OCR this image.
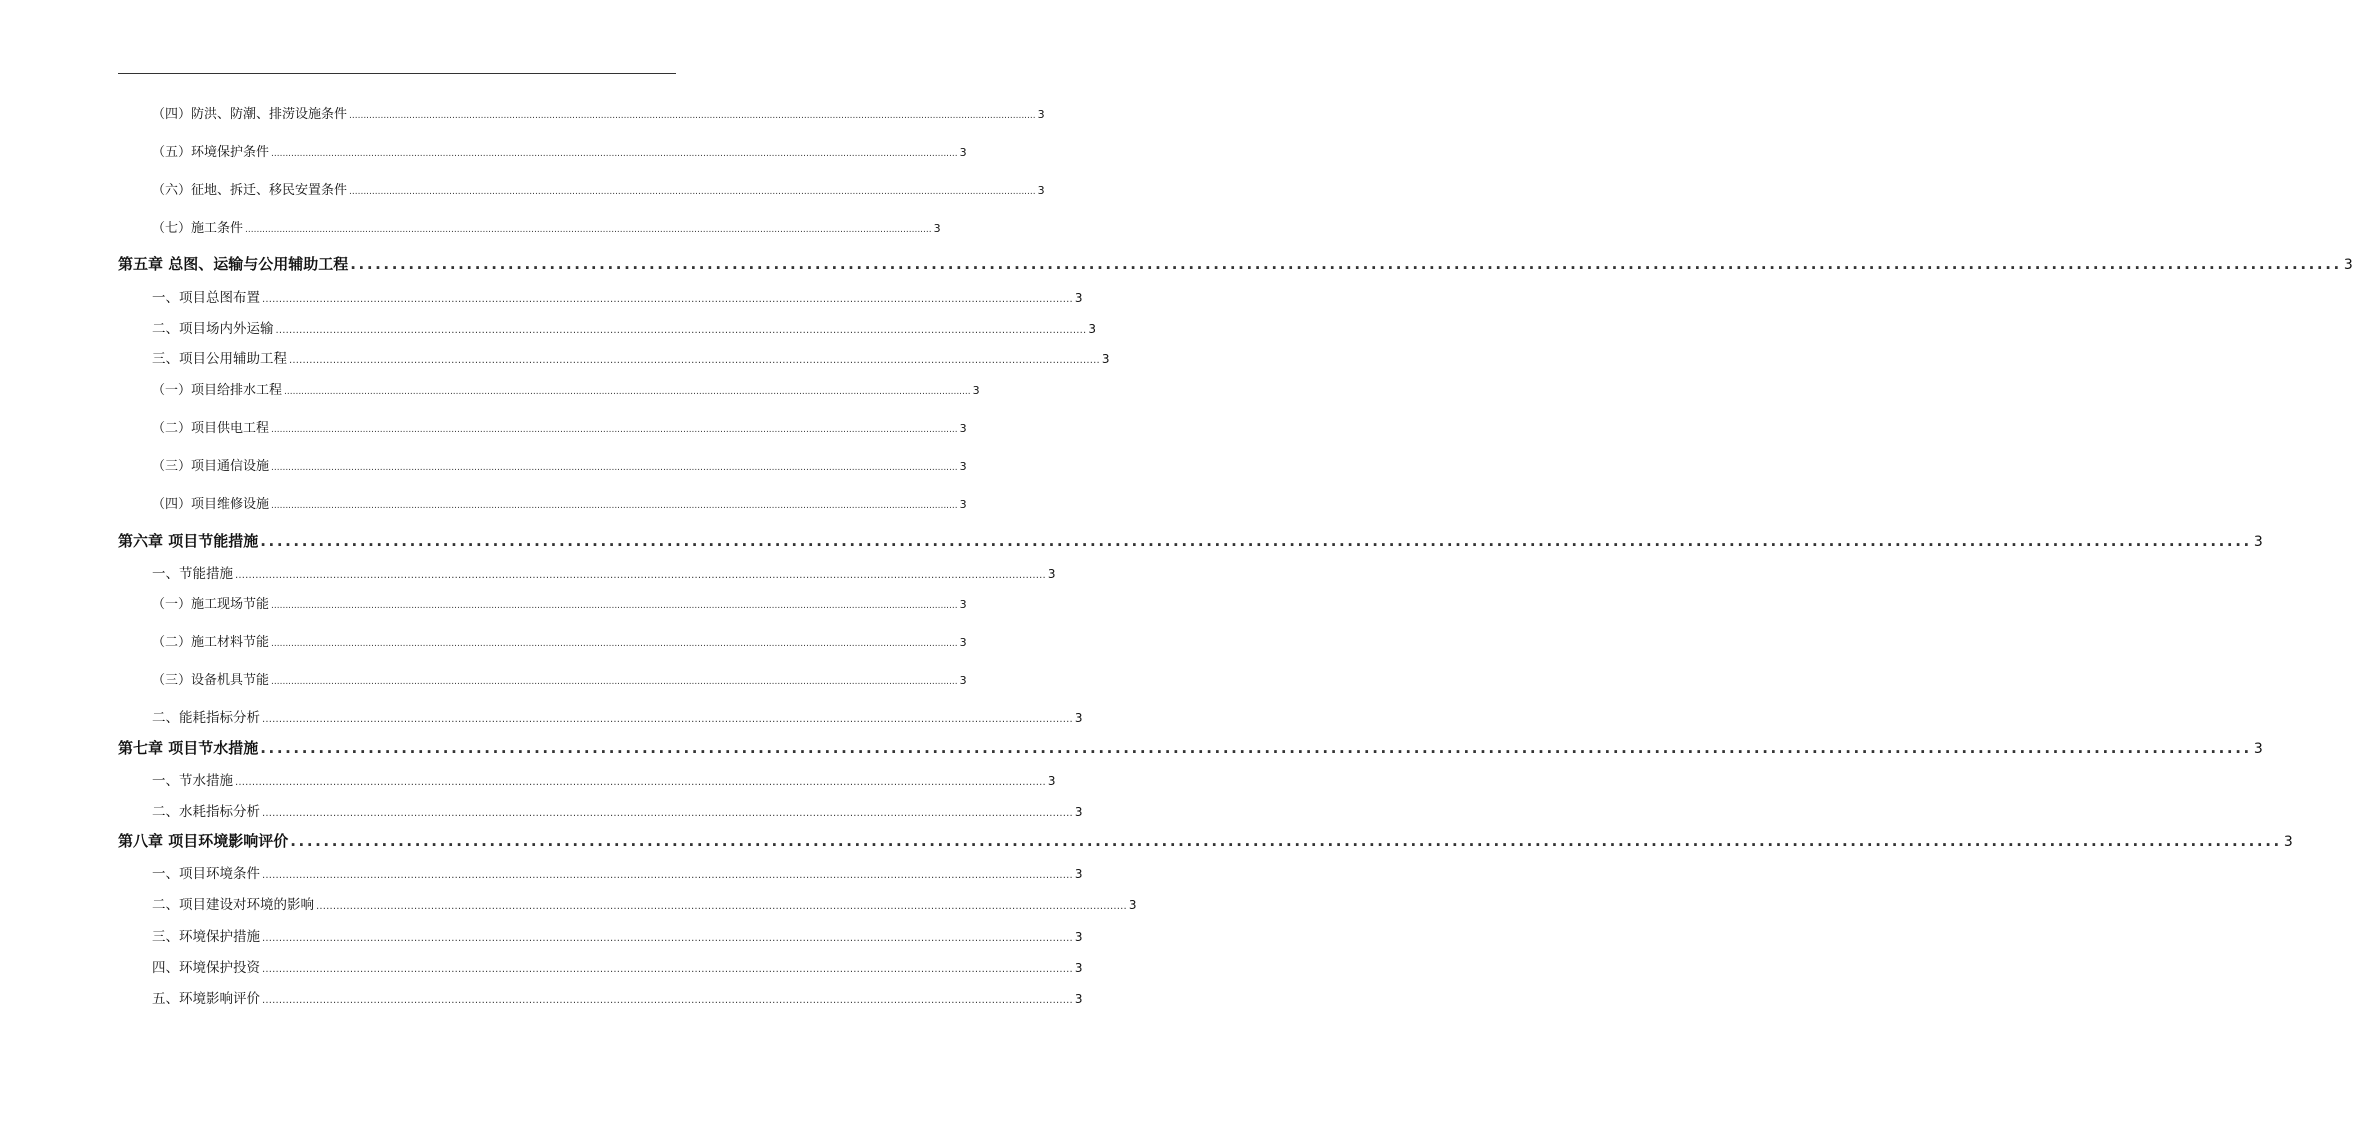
（四）防洪、防潮、排涝设施条件 ................................................................................................................................................................................................................................................ 3
（五）环境保护条件 ................................................................................................................................................................................................................................................ 3
（六）征地、拆迁、移民安置条件 ................................................................................................................................................................................................................................................ 3
（七）施工条件 ................................................................................................................................................................................................................................................ 3
第五章 总图、运输与公用辅助工程 ................................................................................................................................................................................................................................................ 3
一、项目总图布置 ................................................................................................................................................................................................................................................ 3
二、项目场内外运输 ................................................................................................................................................................................................................................................ 3
三、项目公用辅助工程 ................................................................................................................................................................................................................................................ 3
（一）项目给排水工程 ................................................................................................................................................................................................................................................ 3
（二）项目供电工程 ................................................................................................................................................................................................................................................ 3
（三）项目通信设施 ................................................................................................................................................................................................................................................ 3
（四）项目维修设施 ................................................................................................................................................................................................................................................ 3
第六章 项目节能措施 ................................................................................................................................................................................................................................................ 3
一、节能措施 ................................................................................................................................................................................................................................................ 3
（一）施工现场节能 ................................................................................................................................................................................................................................................ 3
（二）施工材料节能 ................................................................................................................................................................................................................................................ 3
（三）设备机具节能 ................................................................................................................................................................................................................................................ 3
二、能耗指标分析 ................................................................................................................................................................................................................................................ 3
第七章 项目节水措施 ................................................................................................................................................................................................................................................ 3
一、节水措施 ................................................................................................................................................................................................................................................ 3
二、水耗指标分析 ................................................................................................................................................................................................................................................ 3
第八章 项目环境影响评价 ................................................................................................................................................................................................................................................ 3
一、项目环境条件 ................................................................................................................................................................................................................................................ 3
二、项目建设对环境的影响 ................................................................................................................................................................................................................................................ 3
三、环境保护措施 ................................................................................................................................................................................................................................................ 3
四、环境保护投资 ................................................................................................................................................................................................................................................ 3
五、环境影响评价 ................................................................................................................................................................................................................................................ 3
